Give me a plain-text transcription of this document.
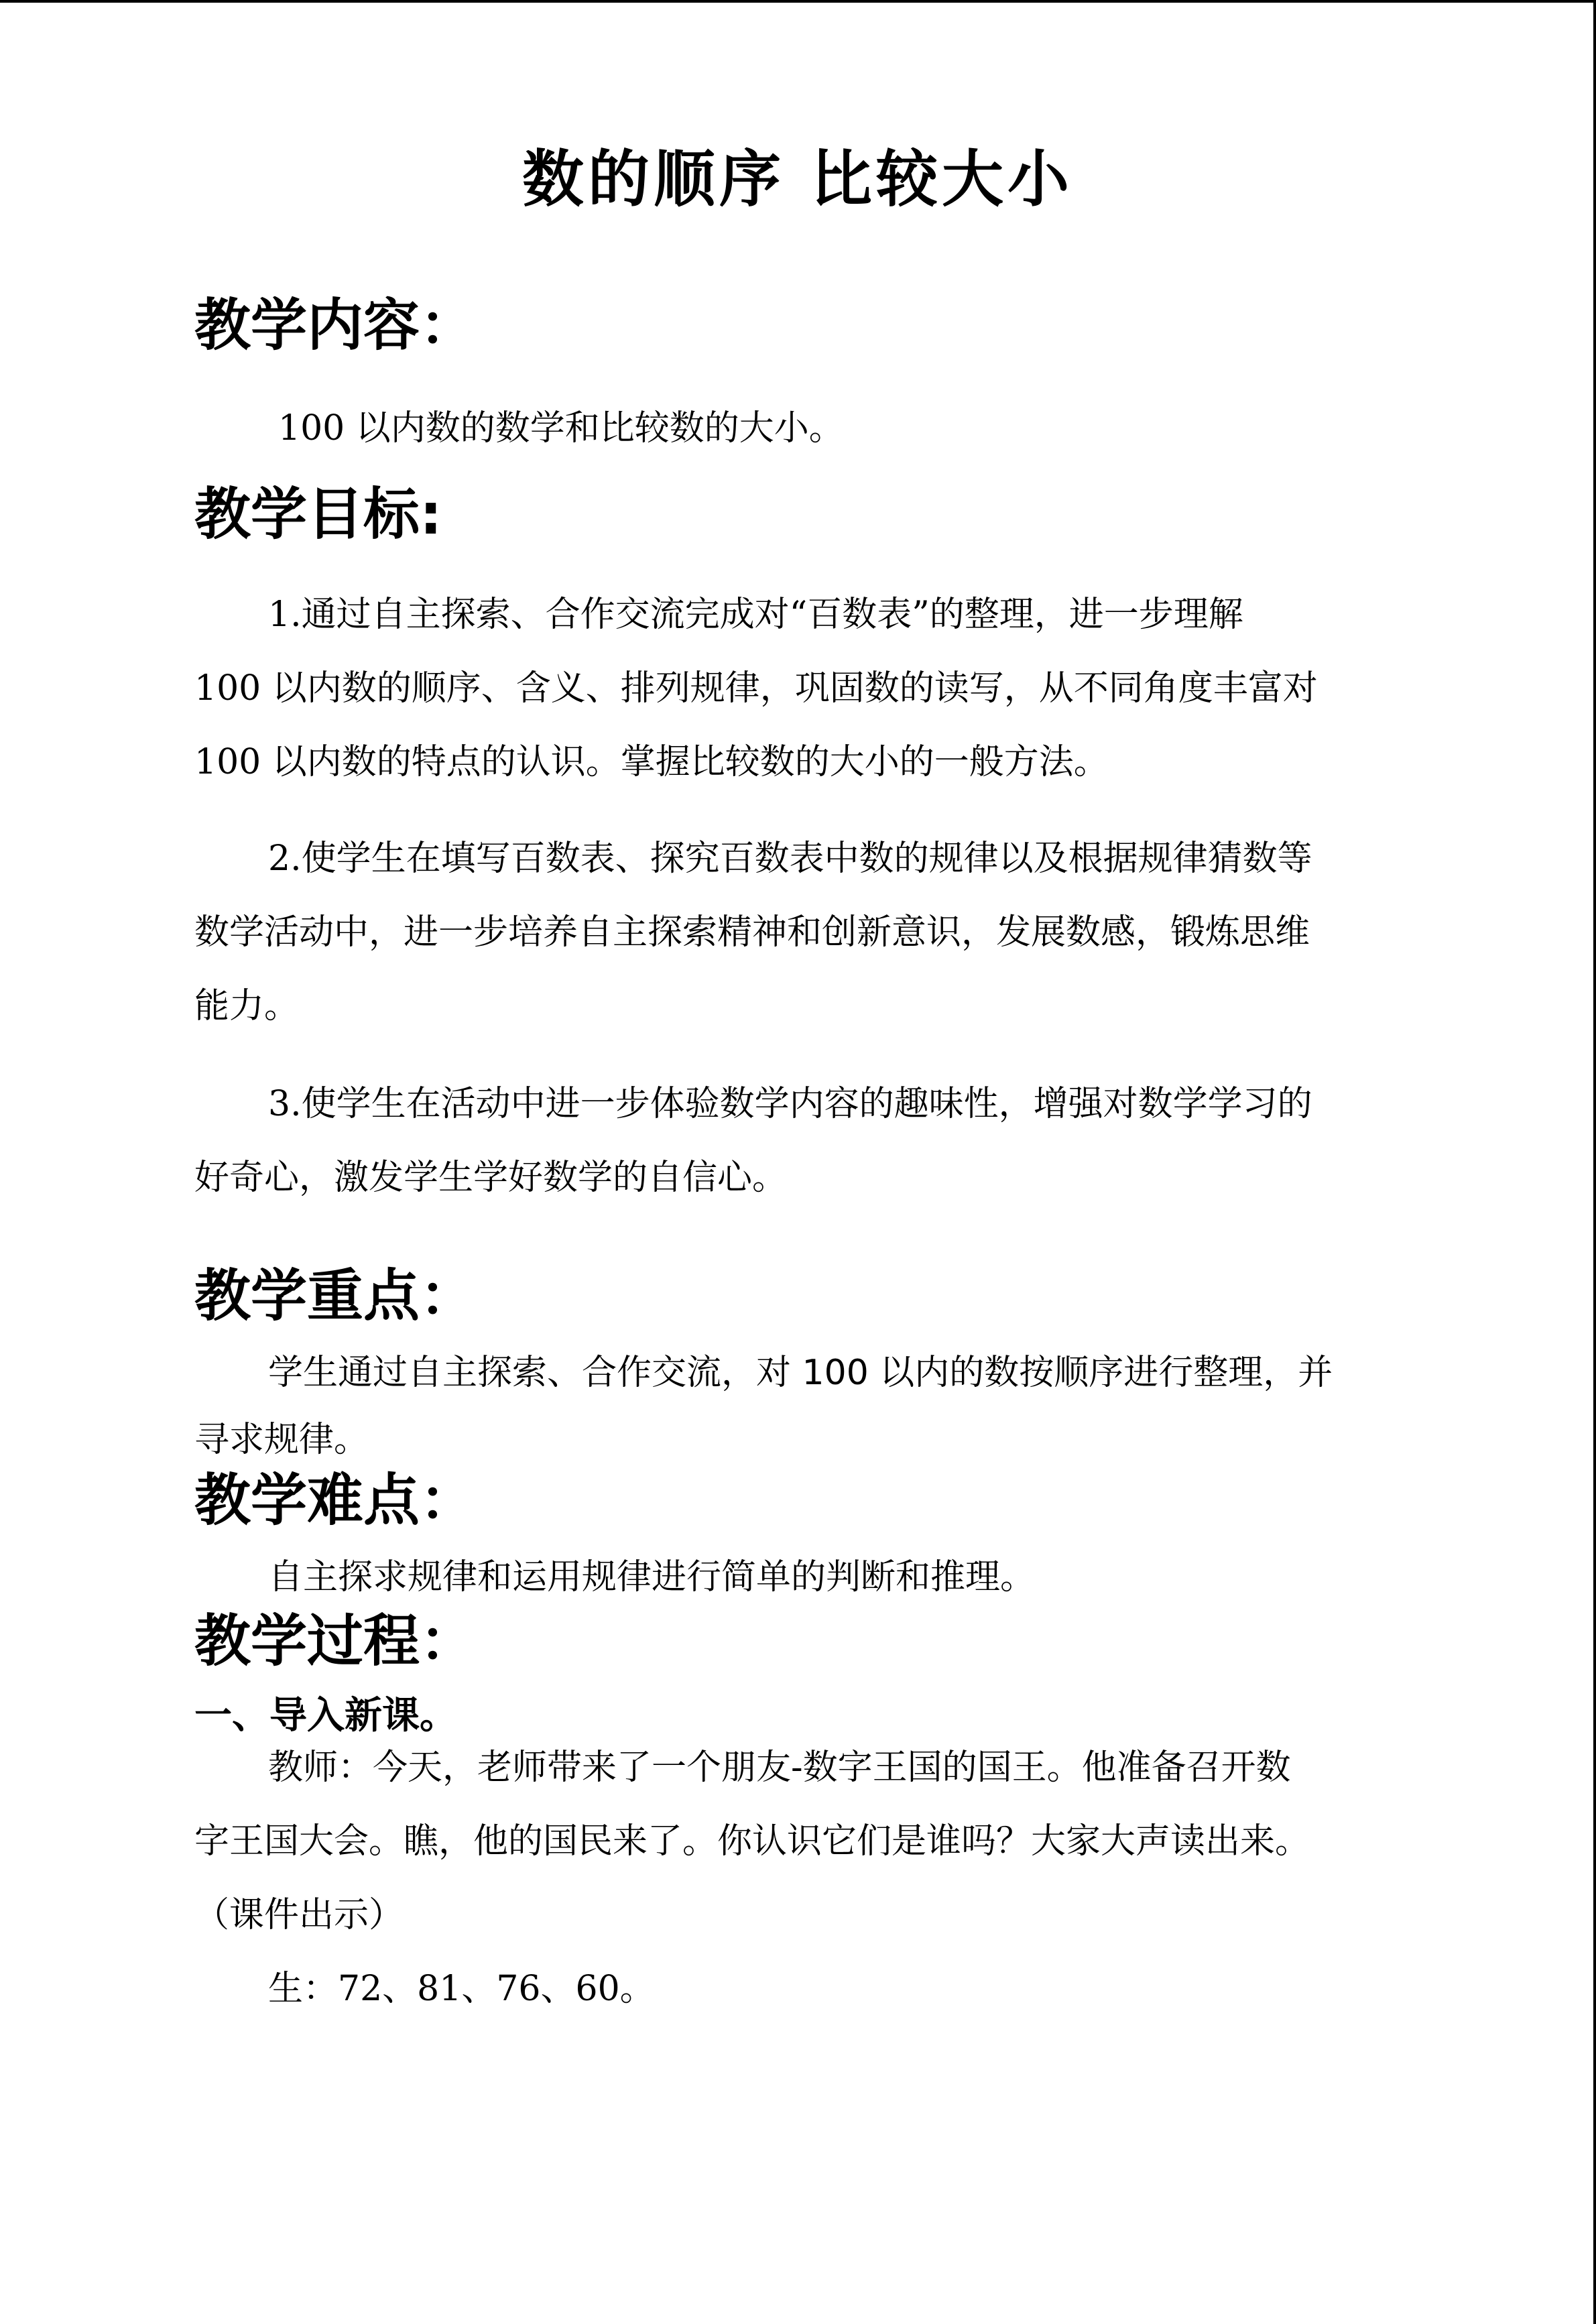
数的顺序 比较大小
教学内容：
100 以内数的数学和比较数的大小。
教学目标:
1.通过自主探索、合作交流完成对“百数表”的整理，进一步理解
100 以内数的顺序、含义、排列规律，巩固数的读写，从不同角度丰富对
100 以内数的特点的认识。掌握比较数的大小的一般方法。
2.使学生在填写百数表、探究百数表中数的规律以及根据规律猜数等
数学活动中，进一步培养自主探索精神和创新意识，发展数感，锻炼思维
能力。
3.使学生在活动中进一步体验数学内容的趣味性，增强对数学学习的
好奇心，激发学生学好数学的自信心。
教学重点：
学生通过自主探索、合作交流，对 100 以内的数按顺序进行整理，并
寻求规律。
教学难点：
自主探求规律和运用规律进行简单的判断和推理。
教学过程：
一、导入新课。
教师：今天，老师带来了一个朋友-数字王国的国王。他准备召开数
字王国大会。瞧，他的国民来了。你认识它们是谁吗？大家大声读出来。
（课件出示）
生：72、81、76、60。
